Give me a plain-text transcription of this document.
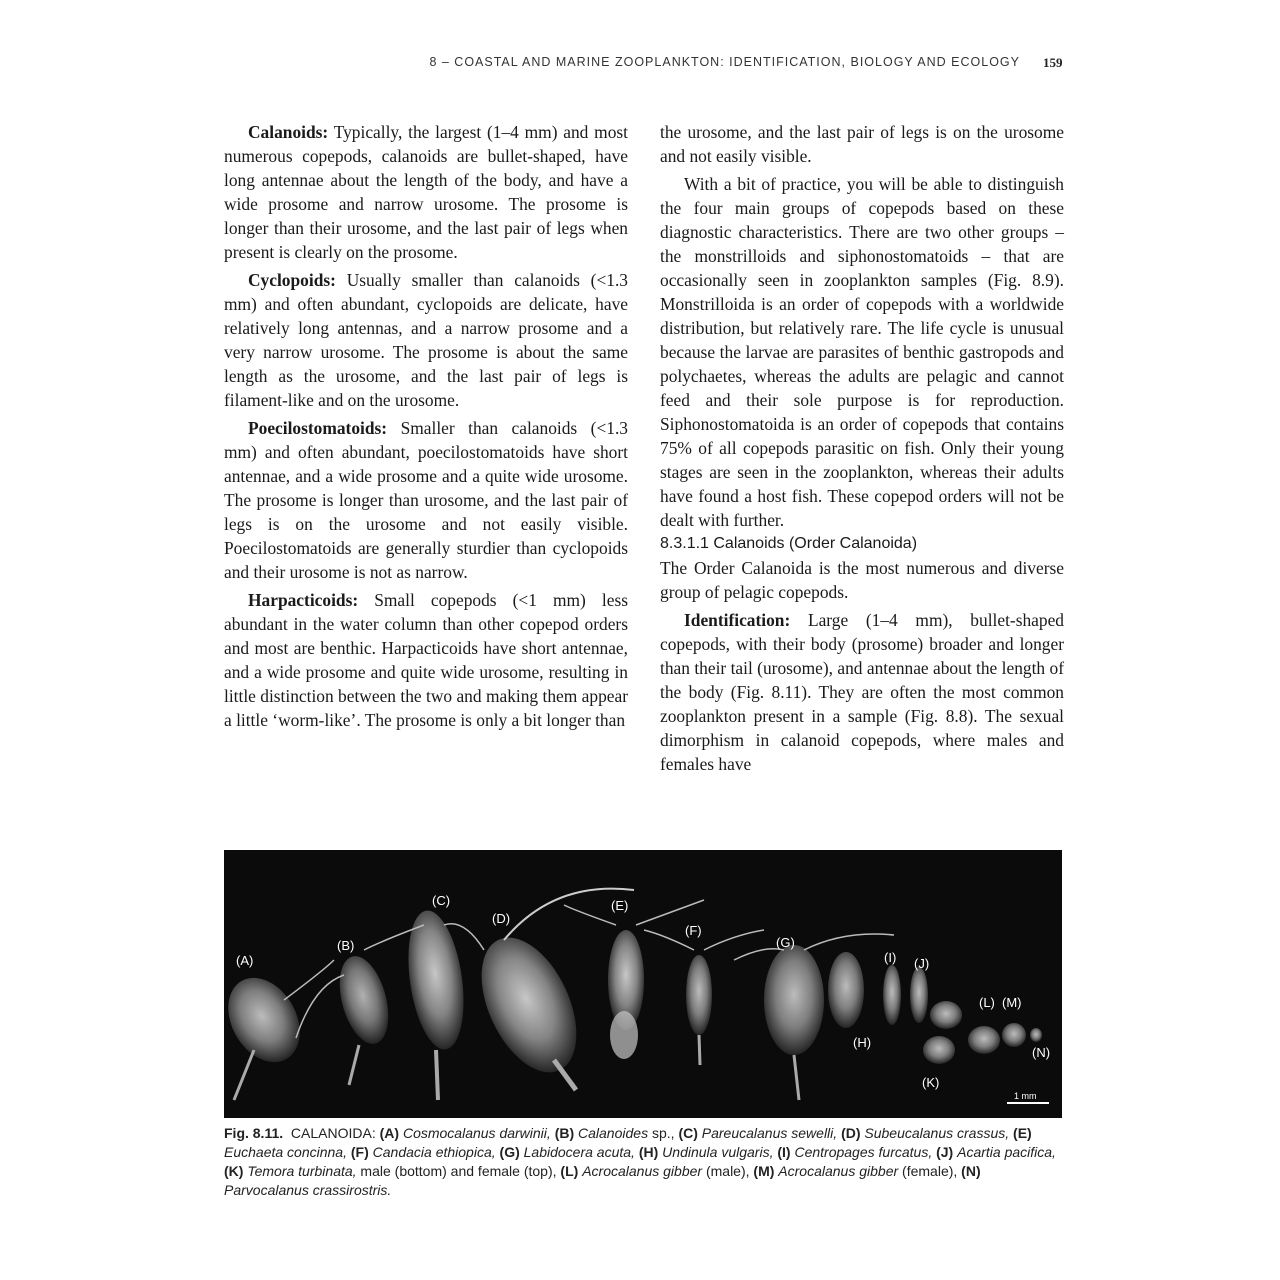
8 – COASTAL AND MARINE ZOOPLANKTON: IDENTIFICATION, BIOLOGY AND ECOLOGY 159

Calanoids: Typically, the largest (1–4 mm) and most numerous copepods, calanoids are bullet-shaped, have long antennae about the length of the body, and have a wide prosome and narrow urosome. The prosome is longer than their urosome, and the last pair of legs when present is clearly on the prosome.

Cyclopoids: Usually smaller than calanoids (<1.3 mm) and often abundant, cyclopoids are delicate, have relatively long antennas, and a narrow prosome and a very narrow urosome. The prosome is about the same length as the urosome, and the last pair of legs is filament-like and on the urosome.

Poecilostomatoids: Smaller than calanoids (<1.3 mm) and often abundant, poecilostomatoids have short antennae, and a wide prosome and a quite wide urosome. The prosome is longer than urosome, and the last pair of legs is on the urosome and not easily visible. Poecilostomatoids are generally sturdier than cyclopoids and their urosome is not as narrow.

Harpacticoids: Small copepods (<1 mm) less abundant in the water column than other copepod orders and most are benthic. Harpacticoids have short antennae, and a wide prosome and quite wide urosome, resulting in little distinction between the two and making them appear a little ‘worm-like’. The prosome is only a bit longer than

the urosome, and the last pair of legs is on the urosome and not easily visible.

With a bit of practice, you will be able to distinguish the four main groups of copepods based on these diagnostic characteristics. There are two other groups – the monstrilloids and siphonostomatoids – that are occasionally seen in zooplankton samples (Fig. 8.9). Monstrilloida is an order of copepods with a worldwide distribution, but relatively rare. The life cycle is unusual because the larvae are parasites of benthic gastropods and polychaetes, whereas the adults are pelagic and cannot feed and their sole purpose is for reproduction. Siphonostomatoida is an order of copepods that contains 75% of all copepods parasitic on fish. Only their young stages are seen in the zooplankton, whereas their adults have found a host fish. These copepod orders will not be dealt with further.

8.3.1.1 Calanoids (Order Calanoida)

The Order Calanoida is the most numerous and diverse group of pelagic copepods.

Identification: Large (1–4 mm), bullet-shaped copepods, with their body (prosome) broader and longer than their tail (urosome), and antennae about the length of the body (Fig. 8.11). They are often the most common zooplankton present in a sample (Fig. 8.8). The sexual dimorphism in calanoid copepods, where males and females have

(A)
(B)
(C)
(D)
(E)
(F)
(G)
(H)
(I) (J)
(K)
(L) (M)
(N)
1 mm
Fig. 8.11. CALANOIDA: (A) Cosmocalanus darwinii, (B) Calanoides sp., (C) Pareucalanus sewelli, (D) Subeucalanus crassus, (E) Euchaeta concinna, (F) Candacia ethiopica, (G) Labidocera acuta, (H) Undinula vulgaris, (I) Centropages furcatus, (J) Acartia pacifica, (K) Temora turbinata, male (bottom) and female (top), (L) Acrocalanus gibber (male), (M) Acrocalanus gibber (female), (N) Parvocalanus crassirostris.
